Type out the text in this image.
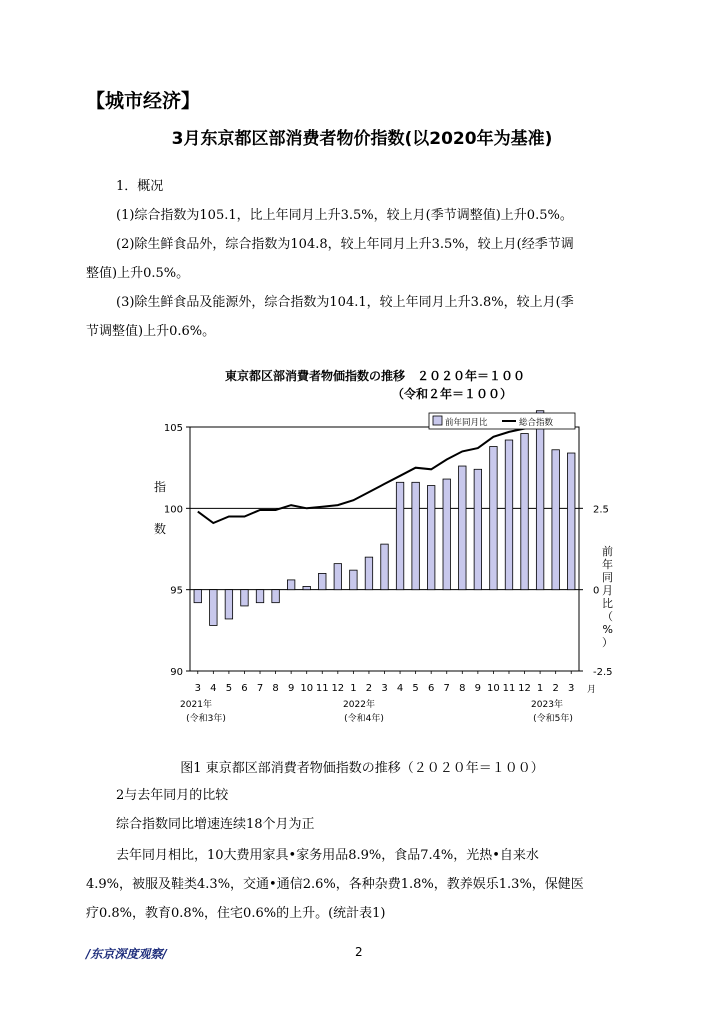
【城市经济】
3月东京都区部消费者物价指数(以2020年为基准)
1．概况
(1)综合指数为105.1，比上年同月上升3.5%，较上月(季节调整值)上升0.5%。
(2)除生鲜食品外，综合指数为104.8，较上年同月上升3.5%，较上月(经季节调
整值)上升0.5%。
(3)除生鲜食品及能源外，综合指数为104.1，较上年同月上升3.8%，较上月(季
节调整值)上升0.6%。
東京都区部消費者物価指数の推移　２０２０年＝１００
（令和２年＝１００）
90
95
100
105
-2.5
0
2.5
3 4 5 6 7 8 9 10 11 12 1 2 3 4 5 6 7 8 9 10 11 12 1 2 3
前年同月比	総合指数
指
数
前
年
同
月
比
（
%
）
月
2021年
(令和3年)
2022年
(令和4年)
2023年
(令和5年)
图1 東京都区部消費者物価指数の推移（２０２０年＝１００）
2与去年同月的比较
综合指数同比增速连续18个月为正
去年同月相比，10大费用家具•家务用品8.9%，食品7.4%，光热•自来水
4.9%，被服及鞋类4.3%，交通•通信2.6%，各种杂费1.8%，教养娱乐1.3%，保健医
疗0.8%，教育0.8%，住宅0.6%的上升。(统計表1)
/东京深度观察/	2
